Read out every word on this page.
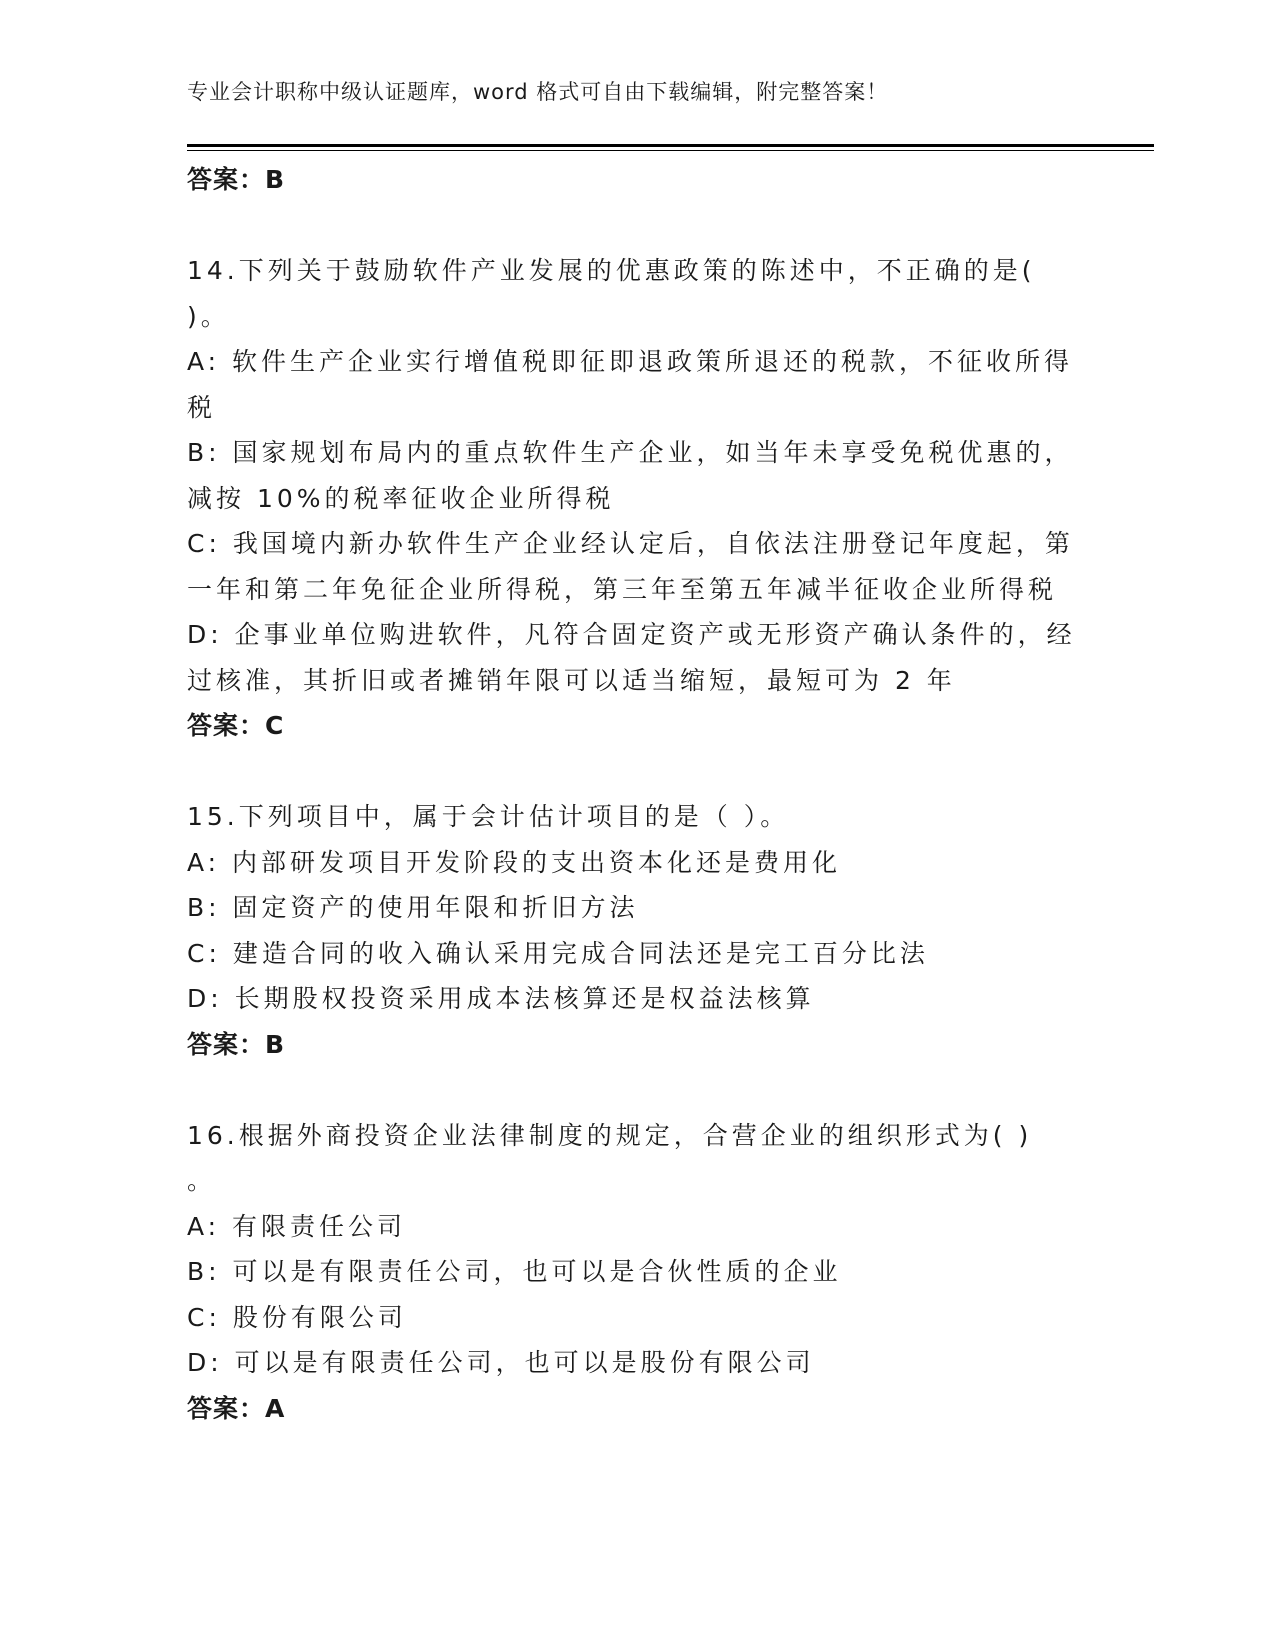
专业会计职称中级认证题库，word 格式可自由下载编辑，附完整答案！
答案：B
14.下列关于鼓励软件产业发展的优惠政策的陈述中，不正确的是(
)。
A: 软件生产企业实行增值税即征即退政策所退还的税款，不征收所得
税
B: 国家规划布局内的重点软件生产企业，如当年未享受免税优惠的，
减按 10%的税率征收企业所得税
C: 我国境内新办软件生产企业经认定后，自依法注册登记年度起，第
一年和第二年免征企业所得税，第三年至第五年减半征收企业所得税
D: 企事业单位购进软件，凡符合固定资产或无形资产确认条件的，经
过核准，其折旧或者摊销年限可以适当缩短，最短可为 2 年
答案：C
15.下列项目中，属于会计估计项目的是（ ）。
A: 内部研发项目开发阶段的支出资本化还是费用化
B: 固定资产的使用年限和折旧方法
C: 建造合同的收入确认采用完成合同法还是完工百分比法
D: 长期股权投资采用成本法核算还是权益法核算
答案：B
16.根据外商投资企业法律制度的规定，合营企业的组织形式为( )
。
A: 有限责任公司
B: 可以是有限责任公司，也可以是合伙性质的企业
C: 股份有限公司
D: 可以是有限责任公司，也可以是股份有限公司
答案：A
